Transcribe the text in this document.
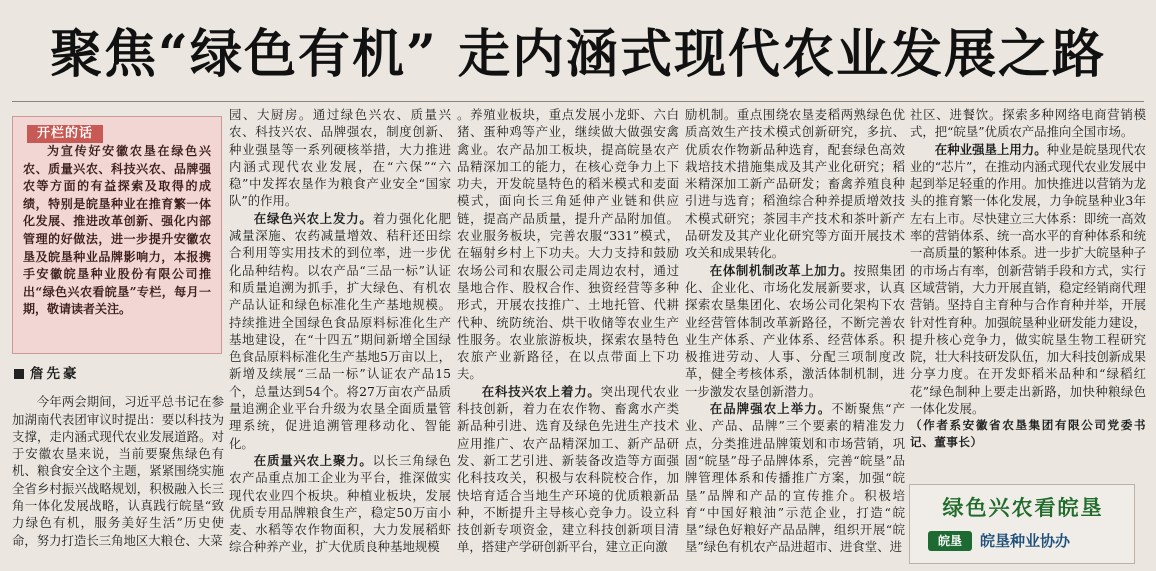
聚焦“绿色有机” 走内涵式现代农业发展之路
开栏的话

为宣传好安徽农垦在绿色兴农、质量兴农、科技兴农、品牌强农等方面的有益探索及取得的成绩，特别是皖垦种业在推育繁一体化发展、推进改革创新、强化内部管理的好做法，进一步提升安徽农垦及皖垦种业品牌影响力，本报携手安徽皖垦种业股份有限公司推出“绿色兴农看皖垦”专栏，每月一期，敬请读者关注。

詹先豪

今年两会期间，习近平总书记在参加湖南代表团审议时提出：要以科技为支撑，走内涵式现代农业发展道路。对于安徽农垦来说，当前要聚焦绿色有机、粮食安全这个主题，紧紧围绕实施全省乡村振兴战略规划，积极融入长三角一体化发展战略，认真践行皖垦“致力绿色有机，服务美好生活”历史使命，努力打造长三角地区大粮仓、大菜

园、大厨房。通过绿色兴农、质量兴农、科技兴农、品牌强农，制度创新、种业强垦等一系列硬核举措，大力推进内涵式现代农业发展，在“六保”“六稳”中发挥农垦作为粮食产业安全“国家队”的作用。

在绿色兴农上发力。着力强化化肥减量深施、农药减量增效、秸秆还田综合利用等实用技术的到位率，进一步优化品种结构。以农产品“三品一标”认证和质量追溯为抓手，扩大绿色、有机农产品认证和绿色标准化生产基地规模。持续推进全国绿色食品原料标准化生产基地建设，在“十四五”期间新增全国绿色食品原料标准化生产基地5万亩以上，新增及续展“三品一标”认证农产品15个，总量达到54个。将27万亩农产品质量追溯企业平台升级为农垦全面质量管理系统，促进追溯管理移动化、智能化。

在质量兴农上聚力。以长三角绿色农产品重点加工企业为平台，推深做实现代农业四个板块。种植业板块，发展优质专用品牌粮食生产，稳定50万亩小麦、水稻等农作物面积，大力发展稻虾综合种养产业，扩大优质良种基地规模

。养殖业板块，重点发展小龙虾、六白猪、蛋种鸡等产业，继续做大做强安禽禽业。农产品加工板块，提高皖垦农产品精深加工的能力，在核心竞争力上下功夫，开发皖垦特色的稻米模式和麦面模式，面向长三角延伸产业链和供应链，提高产品质量，提升产品附加值。农业服务板块，完善农服“331”模式，在辐射乡村上下功夫。大力支持和鼓励农场公司和农服公司走周边农村，通过垦地合作、股权合作、独资经营等多种形式，开展农技推广、土地托管、代耕代种、统防统治、烘干收储等农业生产性服务。农业旅游板块，探索农垦特色农旅产业新路径，在以点带面上下功夫。

在科技兴农上着力。突出现代农业科技创新，着力在农作物、畜禽水产类新品种引进、选育及绿色先进生产技术应用推广、农产品精深加工、新产品研发、新工艺引进、新装备改造等方面强化科技攻关，积极与农科院校合作，加快培育适合当地生产环境的优质粮新品种，不断提升主导核心竞争力。设立科技创新专项资金，建立科技创新项目清单，搭建产学研创新平台，建立正向激

励机制。重点围绕农垦麦稻两熟绿色优质高效生产技术模式创新研究，多抗、优质农作物新品种选育，配套绿色高效栽培技术措施集成及其产业化研究；稻米精深加工新产品研发；畜禽养殖良种引进与选育；稻渔综合种养提质增效技术模式研究；茶园丰产技术和茶叶新产品研发及其产业化研究等方面开展技术攻关和成果转化。

在体制机制改革上加力。按照集团化、企业化、市场化发展新要求，认真探索农垦集团化、农场公司化架构下农业经营管体制改革新路径，不断完善农业生产体系、产业体系、经营体系。积极推进劳动、人事、分配三项制度改革，健全考核体系，激活体制机制，进一步激发农垦创新潜力。

在品牌强农上举力。不断聚焦“产业、产品、品牌”三个要素的精准发力点，分类推进品牌策划和市场营销，巩固“皖垦”母子品牌体系，完善“皖垦”品牌管理体系和传播推广方案，加强“皖垦”品牌和产品的宣传推介。积极培育“中国好粮油”示范企业，打造“皖垦”绿色好粮好产品品牌，组织开展“皖垦”绿色有机农产品进超市、进食堂、进

社区、进餐饮。探索多种网络电商营销模式，把“皖垦”优质农产品推向全国市场。

在种业强垦上用力。种业是皖垦现代农业的“芯片”，在推动内涵式现代农业发展中起到举足轻重的作用。加快推进以营销为龙头的推育繁一体化发展，力争皖垦种业3年左右上市。尽快建立三大体系：即统一高效率的营销体系、统一高水平的育种体系和统一高质量的繁种体系。进一步扩大皖垦种子的市场占有率，创新营销手段和方式，实行区域营销，大力开展直销，稳定经销商代理营销。坚持自主育种与合作育种并举，开展针对性育种。加强皖垦种业研发能力建设，提升核心竞争力，做实皖垦生物工程研究院，壮大科技研发队伍，加大科技创新成果分享力度。在开发虾稻米品种和“绿稻红花”绿色制种上要走出新路，加快种粮绿色一体化发展。

（作者系安徽省农垦集团有限公司党委书记、董事长）

绿色兴农看皖垦
皖垦	皖垦种业协办
